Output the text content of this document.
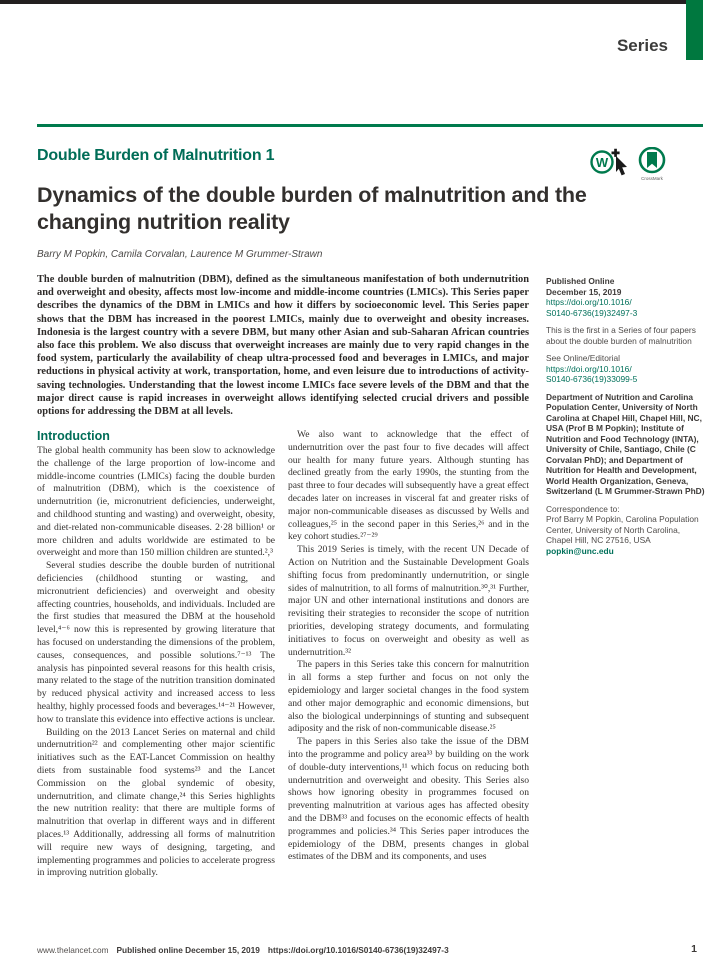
Series
Double Burden of Malnutrition 1	W
CrossMark
Dynamics of the double burden of malnutrition and the changing nutrition reality
Barry M Popkin, Camila Corvalan, Laurence M Grummer-Strawn
The double burden of malnutrition (DBM), defined as the simultaneous manifestation of both undernutrition and overweight and obesity, affects most low-income and middle-income countries (LMICs). This Series paper describes the dynamics of the DBM in LMICs and how it differs by socioeconomic level. This Series paper shows that the DBM has increased in the poorest LMICs, mainly due to overweight and obesity increases. Indonesia is the largest country with a severe DBM, but many other Asian and sub-Saharan African countries also face this problem. We also discuss that overweight increases are mainly due to very rapid changes in the food system, particularly the availability of cheap ultra-processed food and beverages in LMICs, and major reductions in physical activity at work, transportation, home, and even leisure due to introductions of activity-saving technologies. Understanding that the lowest income LMICs face severe levels of the DBM and that the major direct cause is rapid increases in overweight allows identifying selected crucial drivers and possible options for addressing the DBM at all levels.
Published Online
December 15, 2019
https://doi.org/10.1016/
S0140-6736(19)32497-3
This is the first in a Series of four papers about the double burden of malnutrition
See Online/Editorial
https://doi.org/10.1016/
S0140-6736(19)33099-5
Department of Nutrition and Carolina Population Center, University of North Carolina at Chapel Hill, Chapel Hill, NC, USA (Prof B M Popkin); Institute of Nutrition and Food Technology (INTA), University of Chile, Santiago, Chile (C Corvalan PhD); and Department of Nutrition for Health and Development, World Health Organization, Geneva, Switzerland (L M Grummer-Strawn PhD)
Correspondence to:
Prof Barry M Popkin, Carolina Population Center, University of North Carolina, Chapel Hill, NC 27516, USA
popkin@unc.edu
Introduction

The global health community has been slow to acknowledge the challenge of the large proportion of low-income and middle-income countries (LMICs) facing the double burden of malnutrition (DBM), which is the coexistence of undernutrition (ie, micronutrient deficiencies, underweight, and childhood stunting and wasting) and overweight, obesity, and diet-related non-communicable diseases. 2·28 billion¹ or more children and adults worldwide are estimated to be overweight and more than 150 million children are stunted.²,³

Several studies describe the double burden of nutritional deficiencies (childhood stunting or wasting, and micronutrient deficiencies) and overweight and obesity affecting countries, households, and individuals. Included are the first studies that measured the DBM at the household level,⁴⁻⁶ now this is represented by growing literature that has focused on understanding the dimensions of the problem, causes, consequences, and possible solutions.⁷⁻¹³ The analysis has pinpointed several reasons for this health crisis, many related to the stage of the nutrition transition dominated by reduced physical activity and increased access to less healthy, highly processed foods and beverages.¹⁴⁻²¹ However, how to translate this evidence into effective actions is unclear.

Building on the 2013 Lancet Series on maternal and child undernutrition²² and complementing other major scientific initiatives such as the EAT-Lancet Commission on healthy diets from sustainable food systems²³ and the Lancet Commission on the global syndemic of obesity, undernutrition, and climate change,²⁴ this Series highlights the new nutrition reality: that there are multiple forms of malnutrition that overlap in different ways and in different places.¹³ Additionally, addressing all forms of malnutrition will require new ways of designing, targeting, and implementing programmes and policies to accelerate progress in improving nutrition globally.

We also want to acknowledge that the effect of undernutrition over the past four to five decades will affect our health for many future years. Although stunting has declined greatly from the early 1990s, the stunting from the past three to four decades will subsequently have a great effect decades later on increases in visceral fat and greater risks of major non-communicable diseases as discussed by Wells and colleagues,²⁵ in the second paper in this Series,²⁶ and in the key cohort studies.²⁷⁻²⁹

This 2019 Series is timely, with the recent UN Decade of Action on Nutrition and the Sustainable Development Goals shifting focus from predominantly undernutrition, or single sides of malnutrition, to all forms of malnutrition.³⁰,³¹ Further, major UN and other international institutions and donors are revisiting their strategies to reconsider the scope of nutrition priorities, developing strategy documents, and formulating initiatives to focus on overweight and obesity as well as undernutrition.³²

The papers in this Series take this concern for malnutrition in all forms a step further and focus on not only the epidemiology and larger societal changes in the food system and other major demographic and economic dimensions, but also the biological underpinnings of stunting and subsequent adiposity and the risk of non-communicable disease.²⁵

The papers in this Series also take the issue of the DBM into the programme and policy area³³ by building on the work of double-duty interventions,¹¹ which focus on reducing both undernutrition and overweight and obesity. This Series also shows how ignoring obesity in programmes focused on preventing malnutrition at various ages has affected obesity and the DBM³³ and focuses on the economic effects of health programmes and policies.³⁴ This Series paper introduces the epidemiology of the DBM, presents changes in global estimates of the DBM and its components, and uses

www.thelancet.com Published online December 15, 2019 https://doi.org/10.1016/S0140-6736(19)32497-3	1
